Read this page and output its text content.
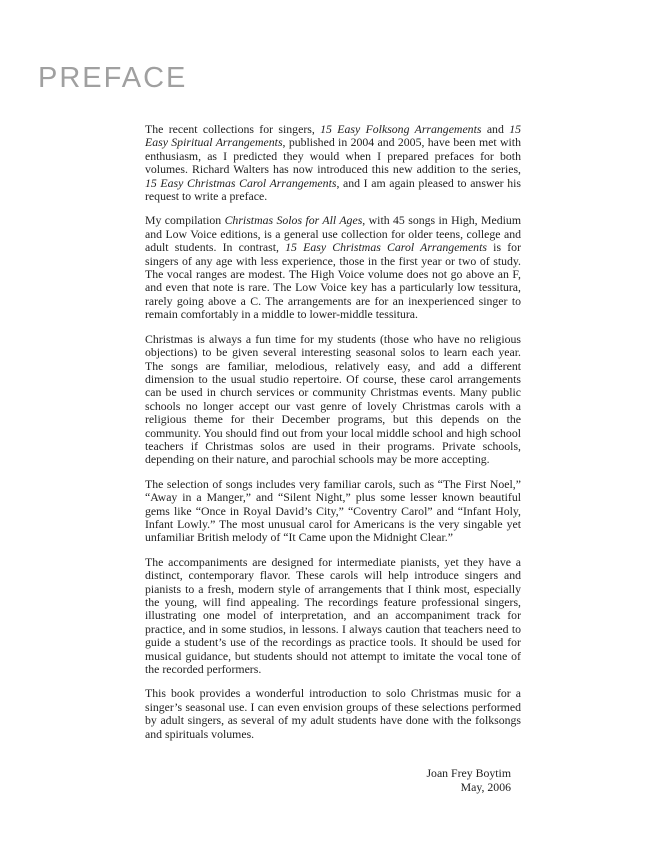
PREFACE

The recent collections for singers, 15 Easy Folksong Arrangements and 15 Easy Spiritual Arrangements, published in 2004 and 2005, have been met with enthusiasm, as I predicted they would when I prepared prefaces for both volumes. Richard Walters has now introduced this new addition to the series, 15 Easy Christmas Carol Arrangements, and I am again pleased to answer his request to write a preface.

My compilation Christmas Solos for All Ages, with 45 songs in High, Medium and Low Voice editions, is a general use collection for older teens, college and adult students. In contrast, 15 Easy Christmas Carol Arrangements is for singers of any age with less experience, those in the first year or two of study. The vocal ranges are modest. The High Voice volume does not go above an F, and even that note is rare. The Low Voice key has a particularly low tessitura, rarely going above a C. The arrangements are for an inexperienced singer to remain comfortably in a middle to lower-middle tessitura.

Christmas is always a fun time for my students (those who have no religious objections) to be given several interesting seasonal solos to learn each year. The songs are familiar, melodious, relatively easy, and add a different dimension to the usual studio repertoire. Of course, these carol arrangements can be used in church services or community Christmas events. Many public schools no longer accept our vast genre of lovely Christmas carols with a religious theme for their December programs, but this depends on the community. You should find out from your local middle school and high school teachers if Christmas solos are used in their programs. Private schools, depending on their nature, and parochial schools may be more accepting.

The selection of songs includes very familiar carols, such as “The First Noel,” “Away in a Manger,” and “Silent Night,” plus some lesser known beautiful gems like “Once in Royal David’s City,” “Coventry Carol” and “Infant Holy, Infant Lowly.” The most unusual carol for Americans is the very singable yet unfamiliar British melody of “It Came upon the Midnight Clear.”

The accompaniments are designed for intermediate pianists, yet they have a distinct, contemporary flavor. These carols will help introduce singers and pianists to a fresh, modern style of arrangements that I think most, especially the young, will find appealing. The recordings feature professional singers, illustrating one model of interpretation, and an accompaniment track for practice, and in some studios, in lessons. I always caution that teachers need to guide a student’s use of the recordings as practice tools. It should be used for musical guidance, but students should not attempt to imitate the vocal tone of the recorded performers.

This book provides a wonderful introduction to solo Christmas music for a singer’s seasonal use. I can even envision groups of these selections performed by adult singers, as several of my adult students have done with the folksongs and spirituals volumes.

Joan Frey Boytim
May, 2006
